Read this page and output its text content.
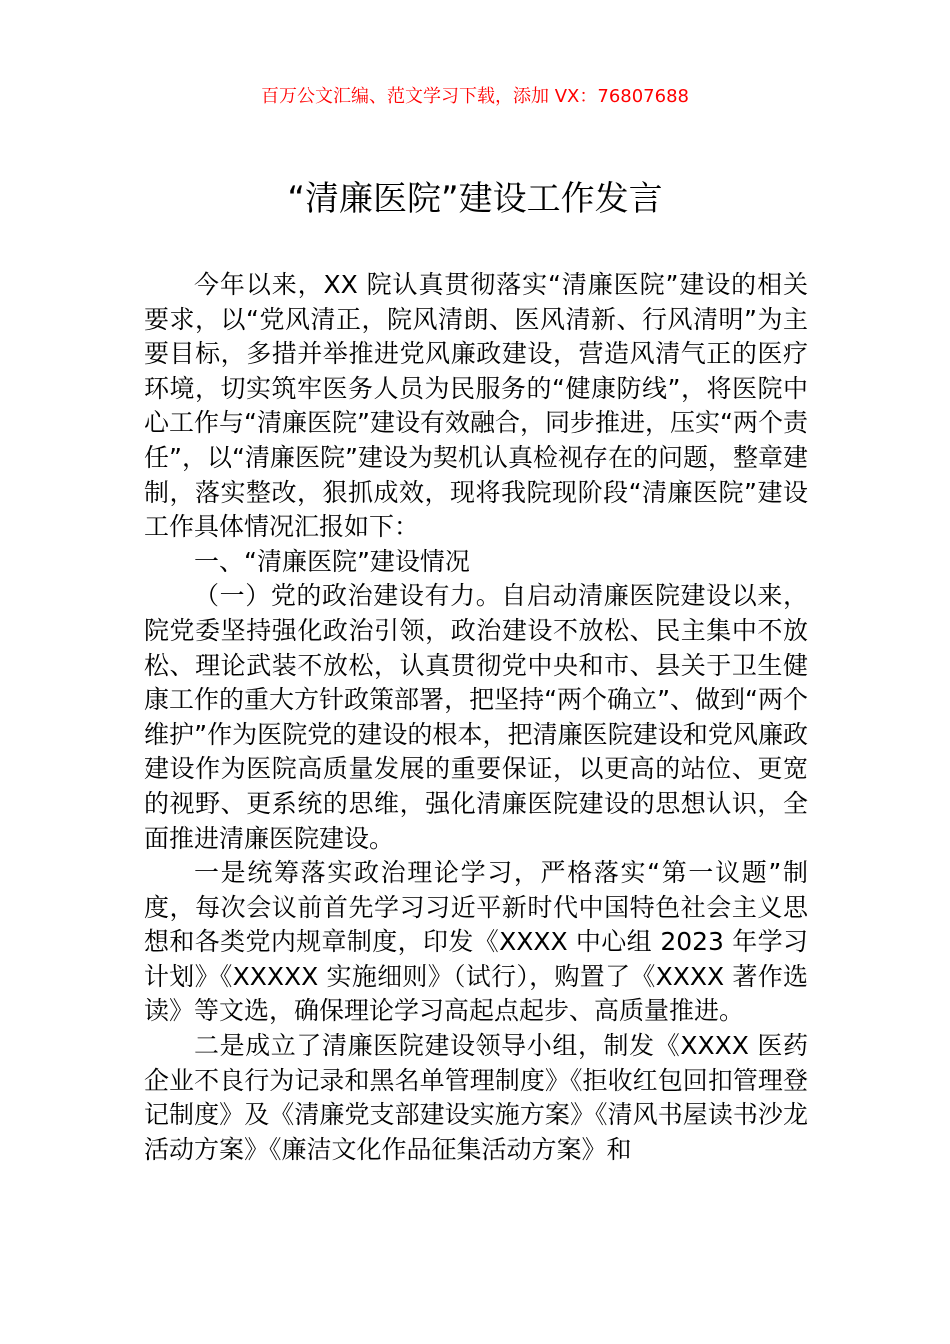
百万公文汇编、范文学习下载，添加 VX：76807688
“清廉医院”建设工作发言

今年以来，XX 院认真贯彻落实“清廉医院”建设的相关要求，以“党风清正，院风清朗、医风清新、行风清明”为主要目标，多措并举推进党风廉政建设，营造风清气正的医疗环境，切实筑牢医务人员为民服务的“健康防线”，将医院中心工作与“清廉医院”建设有效融合，同步推进，压实“两个责任”，以“清廉医院”建设为契机认真检视存在的问题，整章建制，落实整改，狠抓成效，现将我院现阶段“清廉医院”建设工作具体情况汇报如下：

一、“清廉医院”建设情况

（一）党的政治建设有力。自启动清廉医院建设以来，院党委坚持强化政治引领，政治建设不放松、民主集中不放松、理论武装不放松，认真贯彻党中央和市、县关于卫生健康工作的重大方针政策部署，把坚持“两个确立”、做到“两个维护”作为医院党的建设的根本，把清廉医院建设和党风廉政建设作为医院高质量发展的重要保证，以更高的站位、更宽的视野、更系统的思维，强化清廉医院建设的思想认识，全面推进清廉医院建设。

一是统筹落实政治理论学习，严格落实“第一议题”制度，每次会议前首先学习习近平新时代中国特色社会主义思想和各类党内规章制度，印发《XXXX 中心组 2023 年学习计划》《XXXXX 实施细则》（试行），购置了《XXXX 著作选读》等文选，确保理论学习高起点起步、高质量推进。

二是成立了清廉医院建设领导小组，制发《XXXX 医药企业不良行为记录和黑名单管理制度》《拒收红包回扣管理登记制度》及《清廉党支部建设实施方案》《清风书屋读书沙龙活动方案》《廉洁文化作品征集活动方案》和
